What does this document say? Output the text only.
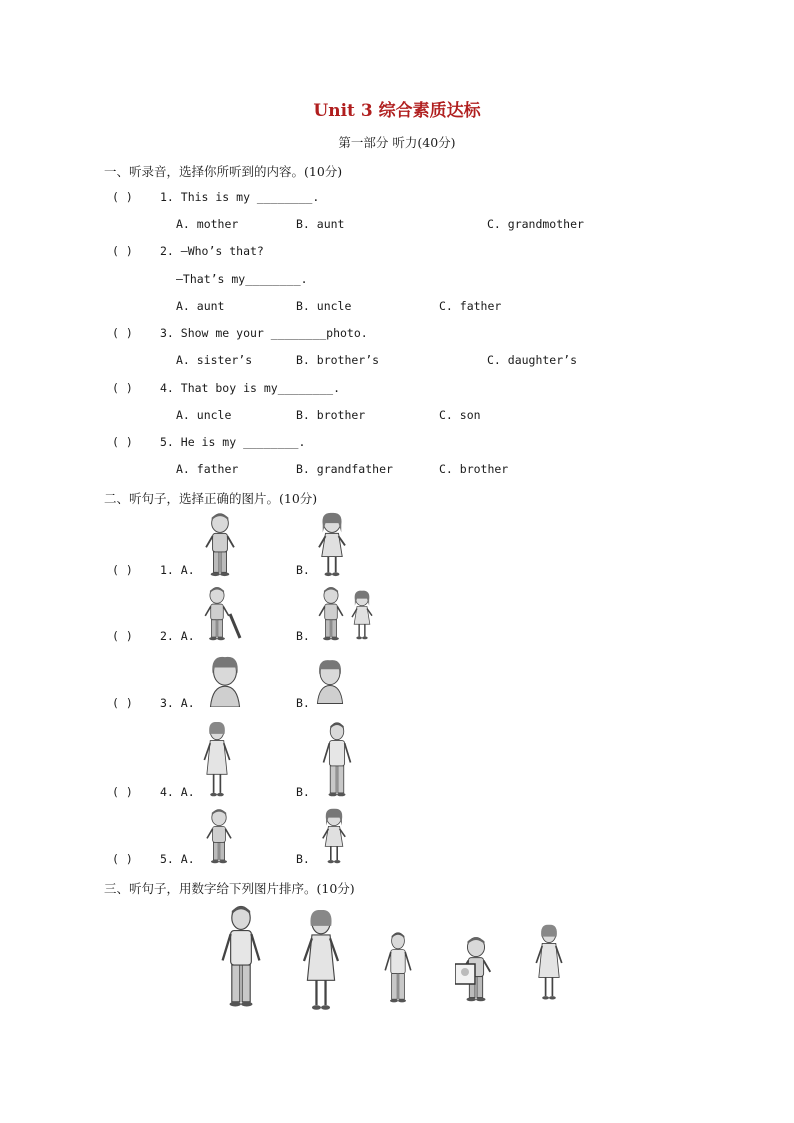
Unit 3 综合素质达标
第一部分 听力(40分)
一、听录音，选择你所听到的内容。(10分)
( ) 1. This is my ________.
A. mother	B. aunt	C. grandmother
( ) 2. —Who’s that?
—That’s my________.
A. aunt	B. uncle	C. father
( ) 3. Show me your ________photo.
A. sister’s	B. brother’s	C. daughter’s
( ) 4. That boy is my________.
A. uncle	B. brother	C. son
( ) 5. He is my ________.
A. father	B. grandfather	C. brother
二、听句子，选择正确的图片。(10分)
( ) 1. A.	B.
( ) 2. A.	B.
( ) 3. A.	B.
( ) 4. A.	B.
( ) 5. A.	B.
三、听句子，用数字给下列图片排序。(10分)
